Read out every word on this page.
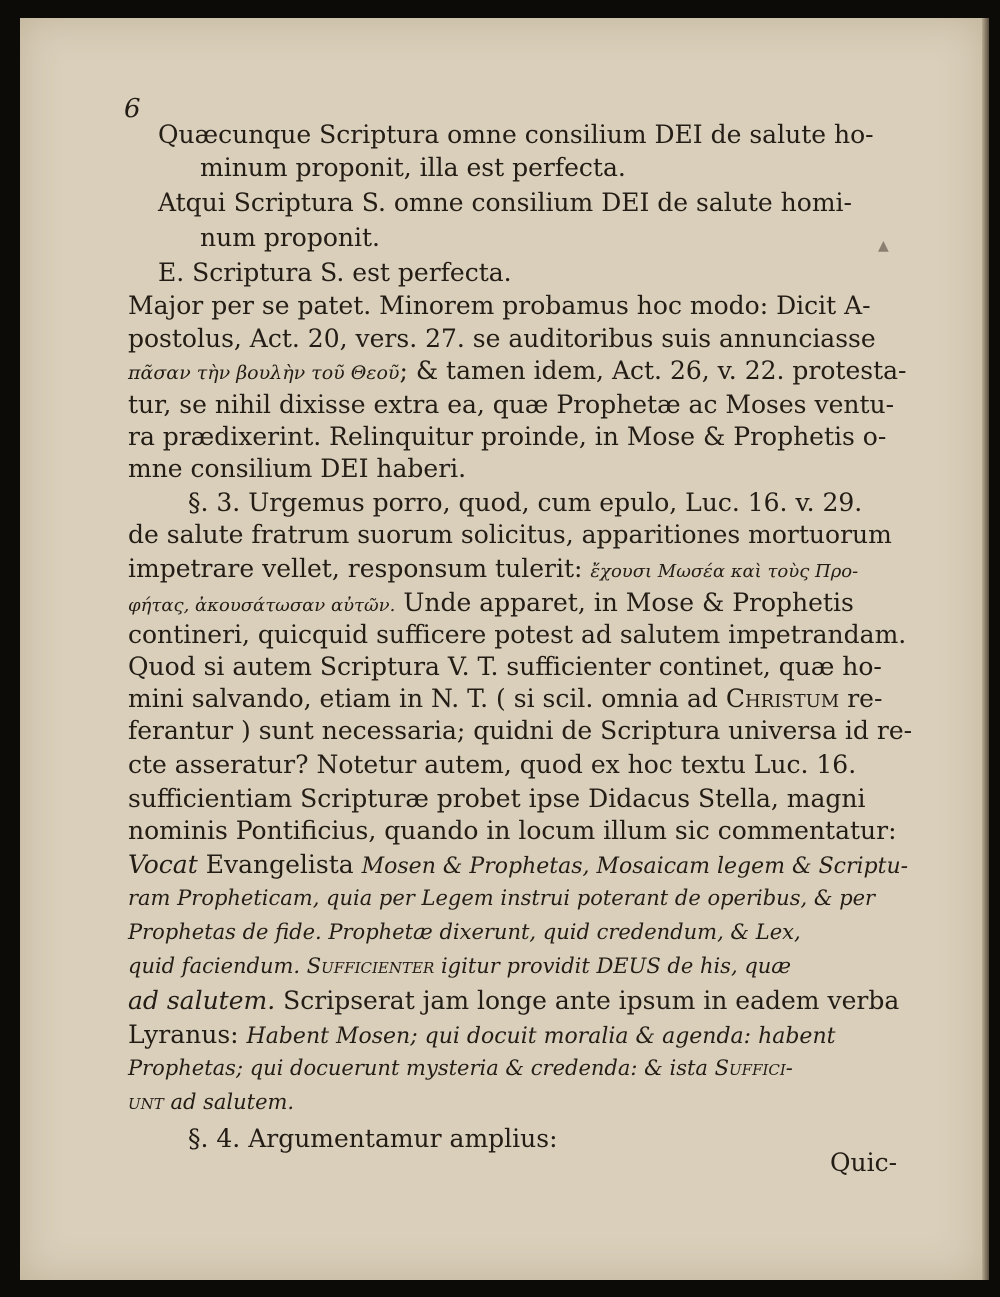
6
Quæcunque Scriptura omne consilium DEI de salute ho-
minum proponit, illa est perfecta.
Atqui Scriptura S. omne consilium DEI de salute homi-
num proponit.
E. Scriptura S. est perfecta.
▲
Major per se patet. Minorem probamus hoc modo: Dicit A-
postolus, Act. 20, vers. 27. se auditoribus suis annunciasse
πᾶσαν τὴν βουλὴν τοῦ Θεοῦ; & tamen idem, Act. 26, v. 22. protesta-
tur, se nihil dixisse extra ea, quæ Prophetæ ac Moses ventu-
ra prædixerint. Relinquitur proinde, in Mose & Prophetis o-
mne consilium DEI haberi.
§. 3. Urgemus porro, quod, cum epulo, Luc. 16. v. 29.
de salute fratrum suorum solicitus, apparitiones mortuorum
impetrare vellet, responsum tulerit: ἔχουσι Μωσέα καὶ τοὺς Προ-
φήτας, ἀκουσάτωσαν αὐτῶν. Unde apparet, in Mose & Prophetis
contineri, quicquid sufficere potest ad salutem impetrandam.
Quod si autem Scriptura V. T. sufficienter continet, quæ ho-
mini salvando, etiam in N. T. ( si scil. omnia ad Christum re-
ferantur ) sunt necessaria; quidni de Scriptura universa id re-
cte asseratur? Notetur autem, quod ex hoc textu Luc. 16.
sufficientiam Scripturæ probet ipse Didacus Stella, magni
nominis Pontificius, quando in locum illum sic commentatur:
Vocat Evangelista Mosen & Prophetas, Mosaicam legem & Scriptu-
ram Propheticam, quia per Legem instrui poterant de operibus, & per
Prophetas de fide. Prophetæ dixerunt, quid credendum, & Lex,
quid faciendum. Sufficienter igitur providit DEUS de his, quæ
ad salutem. Scripserat jam longe ante ipsum in eadem verba
Lyranus: Habent Mosen; qui docuit moralia & agenda: habent
Prophetas; qui docuerunt mysteria & credenda: & ista Suffici-
unt ad salutem.
§. 4. Argumentamur amplius:
Quic-
